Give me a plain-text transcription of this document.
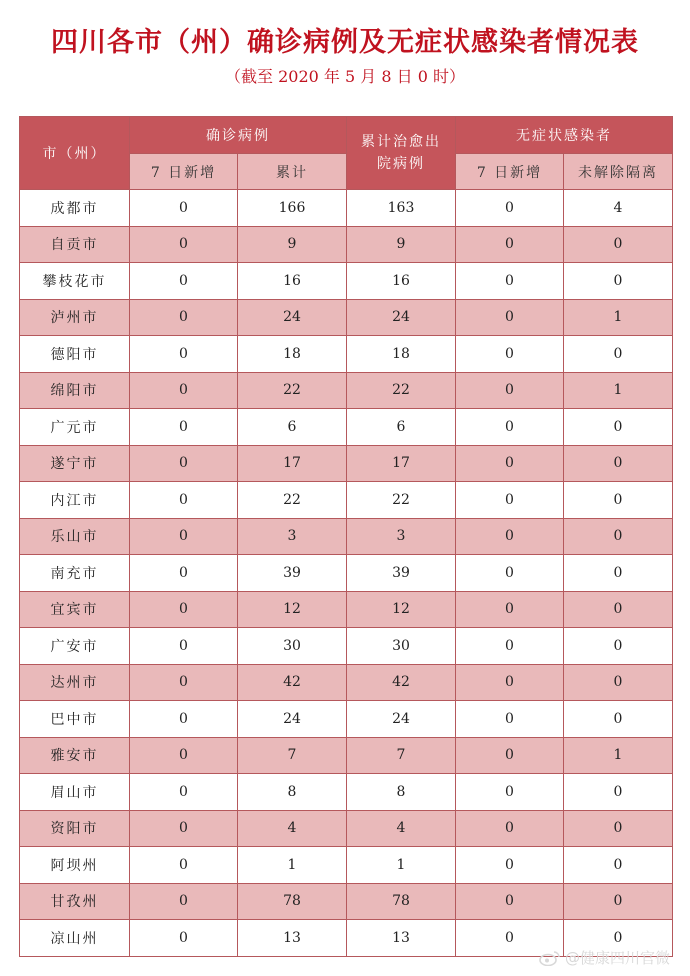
四川各市（州）确诊病例及无症状感染者情况表
（截至 2020 年 5 月 8 日 0 时）
市（州）	确诊病例		累计治愈出院病例	无症状感染者	
	7 日新增	累计		7 日新增	未解除隔离
成都市	0	166	163	0	4
自贡市	0	9	9	0	0
攀枝花市	0	16	16	0	0
泸州市	0	24	24	0	1
德阳市	0	18	18	0	0
绵阳市	0	22	22	0	1
广元市	0	6	6	0	0
遂宁市	0	17	17	0	0
内江市	0	22	22	0	0
乐山市	0	3	3	0	0
南充市	0	39	39	0	0
宜宾市	0	12	12	0	0
广安市	0	30	30	0	0
达州市	0	42	42	0	0
巴中市	0	24	24	0	0
雅安市	0	7	7	0	1
眉山市	0	8	8	0	0
资阳市	0	4	4	0	0
阿坝州	0	1	1	0	0
甘孜州	0	78	78	0	0
凉山州	0	13	13	0	0
@健康四川官微
